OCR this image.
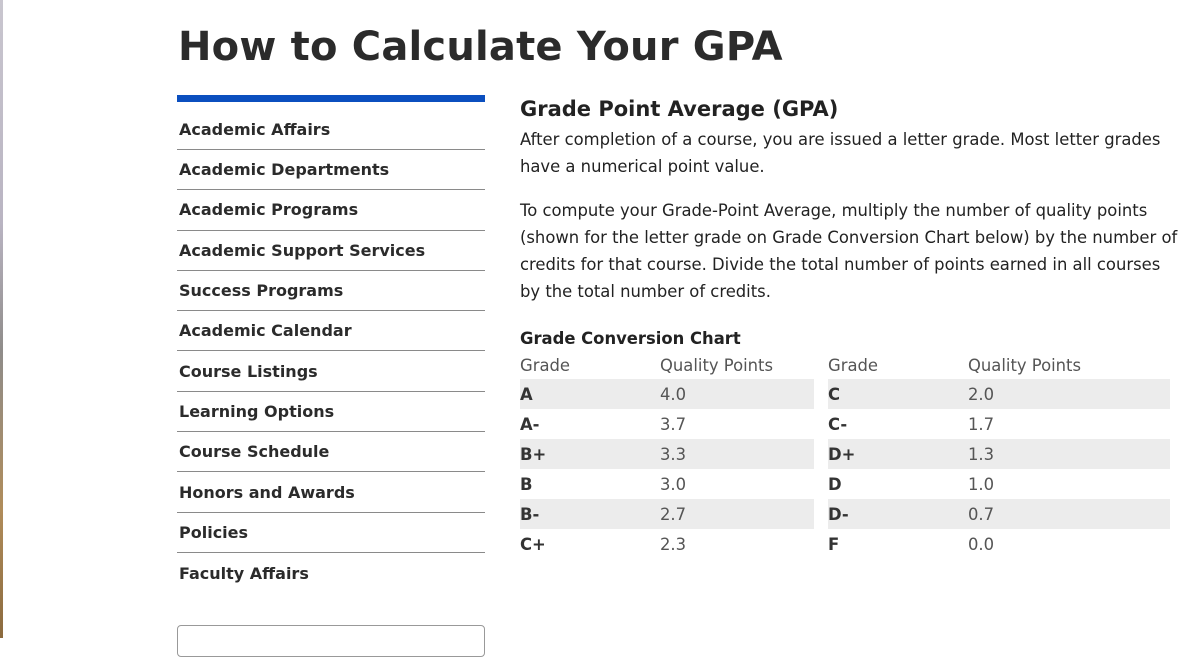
How to Calculate Your GPA
Academic Affairs
Academic Departments
Academic Programs
Academic Support Services
Success Programs
Academic Calendar
Course Listings
Learning Options
Course Schedule
Honors and Awards
Policies
Faculty Affairs
Grade Point Average (GPA)

After completion of a course, you are issued a letter grade. Most letter grades have a numerical point value.

To compute your Grade-Point Average, multiply the number of quality points (shown for the letter grade on Grade Conversion Chart below) by the number of credits for that course. Divide the total number of points earned in all courses by the total number of credits.

Grade Conversion Chart
Grade	Quality Points		Grade	Quality Points
A	4.0		C	2.0
A-	3.7		C-	1.7
B+	3.3		D+	1.3
B	3.0		D	1.0
B-	2.7		D-	0.7
C+	2.3		F	0.0
